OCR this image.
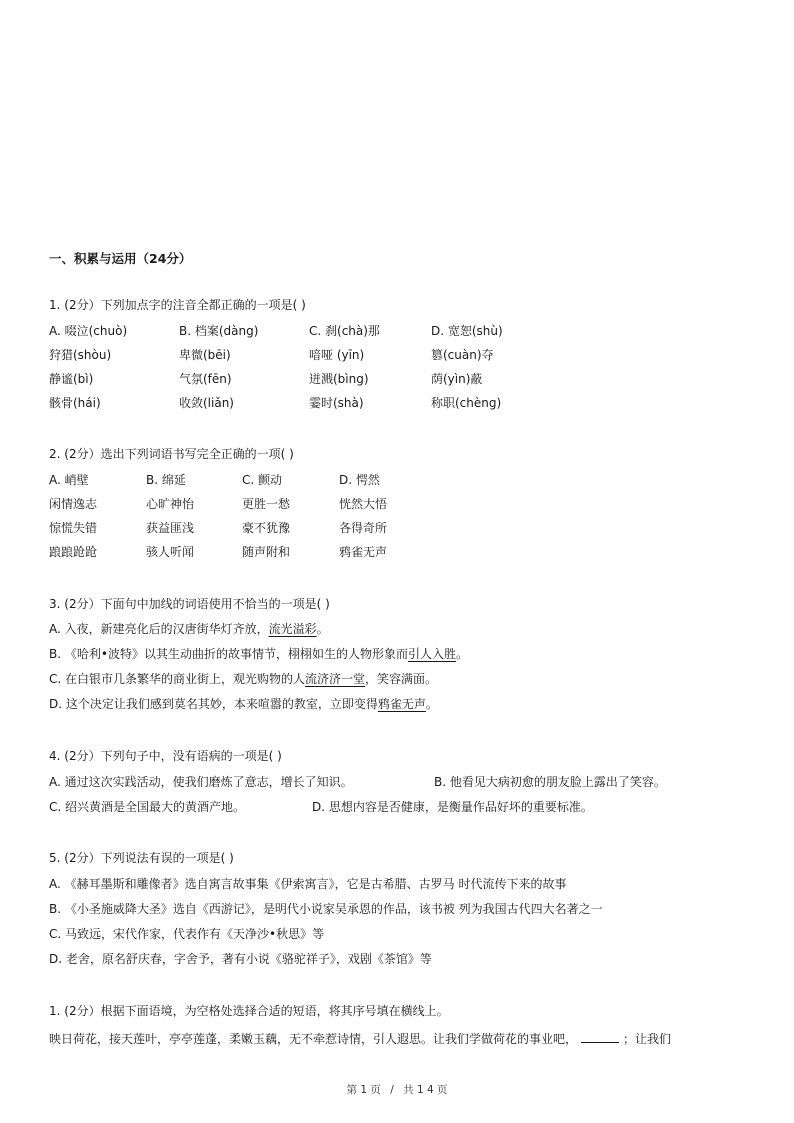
一、积累与运用（24分）
1. (2分）下列加点字的注音全都正确的一项是( )
A. 啜泣(chuò)	B. 档案(dàng)	C. 刹(chà)那	D. 宽恕(shù)
狩猎(shòu)	卑微(bēi)	喑哑 (yīn)	篡(cuàn)夺
静谧(bì)	气氛(fēn)	迸溅(bìng)	荫(yìn)蔽
骸骨(hái)	收敛(liǎn)	霎时(shà)	称职(chèng)
2. (2分）选出下列词语书写完全正确的一项( )
A. 峭壁	B. 绵延	C. 颤动	D. 愕然
闲情逸志	心旷神怡	更胜一愁	恍然大悟
惊慌失错	获益匪浅	豪不犹豫	各得奇所
踉踉跄跄	骇人听闻	随声附和	鸦雀无声
3. (2分）下面句中加线的词语使用不恰当的一项是( )
A. 入夜，新建亮化后的汉唐街华灯齐放，流光溢彩。
B. 《哈利•波特》以其生动曲折的故事情节，栩栩如生的人物形象而引人入胜。
C. 在白银市几条繁华的商业街上，观光购物的人流济济一堂，笑容满面。
D. 这个决定让我们感到莫名其妙，本来喧嚣的教室，立即变得鸦雀无声。
4. (2分）下列句子中，没有语病的一项是( )
A. 通过这次实践活动，使我们磨炼了意志，增长了知识。	B. 他看见大病初愈的朋友脸上露出了笑容。
C. 绍兴黄酒是全国最大的黄酒产地。	D. 思想内容是否健康，是衡量作品好坏的重要标准。
5. (2分）下列说法有误的一项是( )
A. 《赫耳墨斯和雕像者》选自寓言故事集《伊索寓言》，它是古希腊、古罗马 时代流传下来的故事
B. 《小圣施威降大圣》选自《西游记》，是明代小说家吴承恩的作品，该书被 列为我国古代四大名著之一
C. 马致远，宋代作家，代表作有《天净沙•秋思》等
D. 老舍，原名舒庆春，字舍予，著有小说《骆驼祥子》，戏剧《茶馆》等
1. (2分）根据下面语境，为空格处选择合适的短语，将其序号填在横线上。
映日荷花，接天莲叶，亭亭莲蓬，柔嫩玉藕，无不牵惹诗情，引人遐思。让我们学做荷花的事业吧，	；让我们
第 1 页 / 共 1 4 页
